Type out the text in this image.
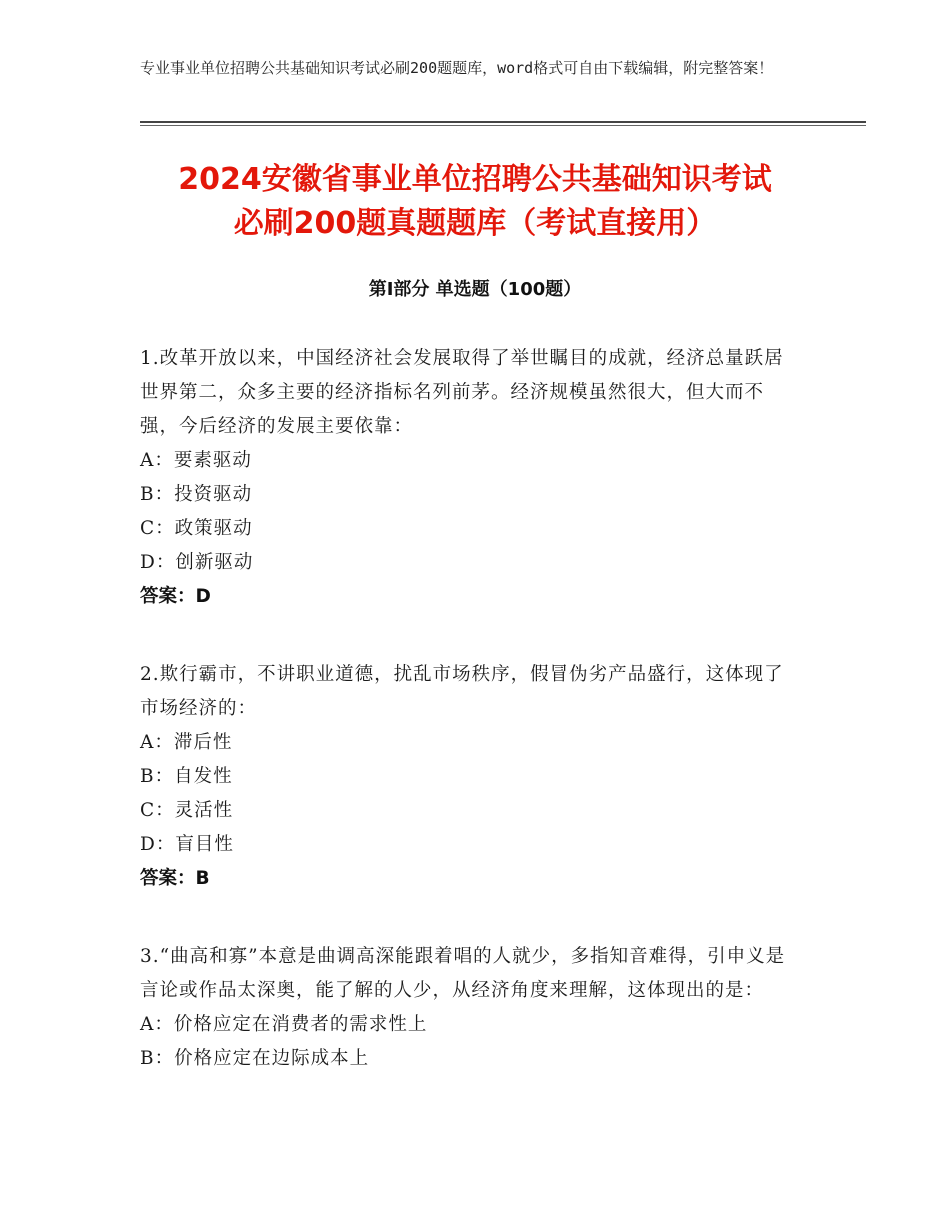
专业事业单位招聘公共基础知识考试必刷200题题库，word格式可自由下载编辑，附完整答案！
2024安徽省事业单位招聘公共基础知识考试
必刷200题真题题库（考试直接用）
第Ⅰ部分 单选题（100题）
1.改革开放以来，中国经济社会发展取得了举世瞩目的成就，经济总量跃居世界第二，众多主要的经济指标名列前茅。经济规模虽然很大，但大而不强，今后经济的发展主要依靠：
A：要素驱动
B：投资驱动
C：政策驱动
D：创新驱动
答案：D
2.欺行霸市，不讲职业道德，扰乱市场秩序，假冒伪劣产品盛行，这体现了市场经济的：
A：滞后性
B：自发性
C：灵活性
D：盲目性
答案：B
3.“曲高和寡”本意是曲调高深能跟着唱的人就少，多指知音难得，引申义是言论或作品太深奥，能了解的人少，从经济角度来理解，这体现出的是：
A：价格应定在消费者的需求性上
B：价格应定在边际成本上
